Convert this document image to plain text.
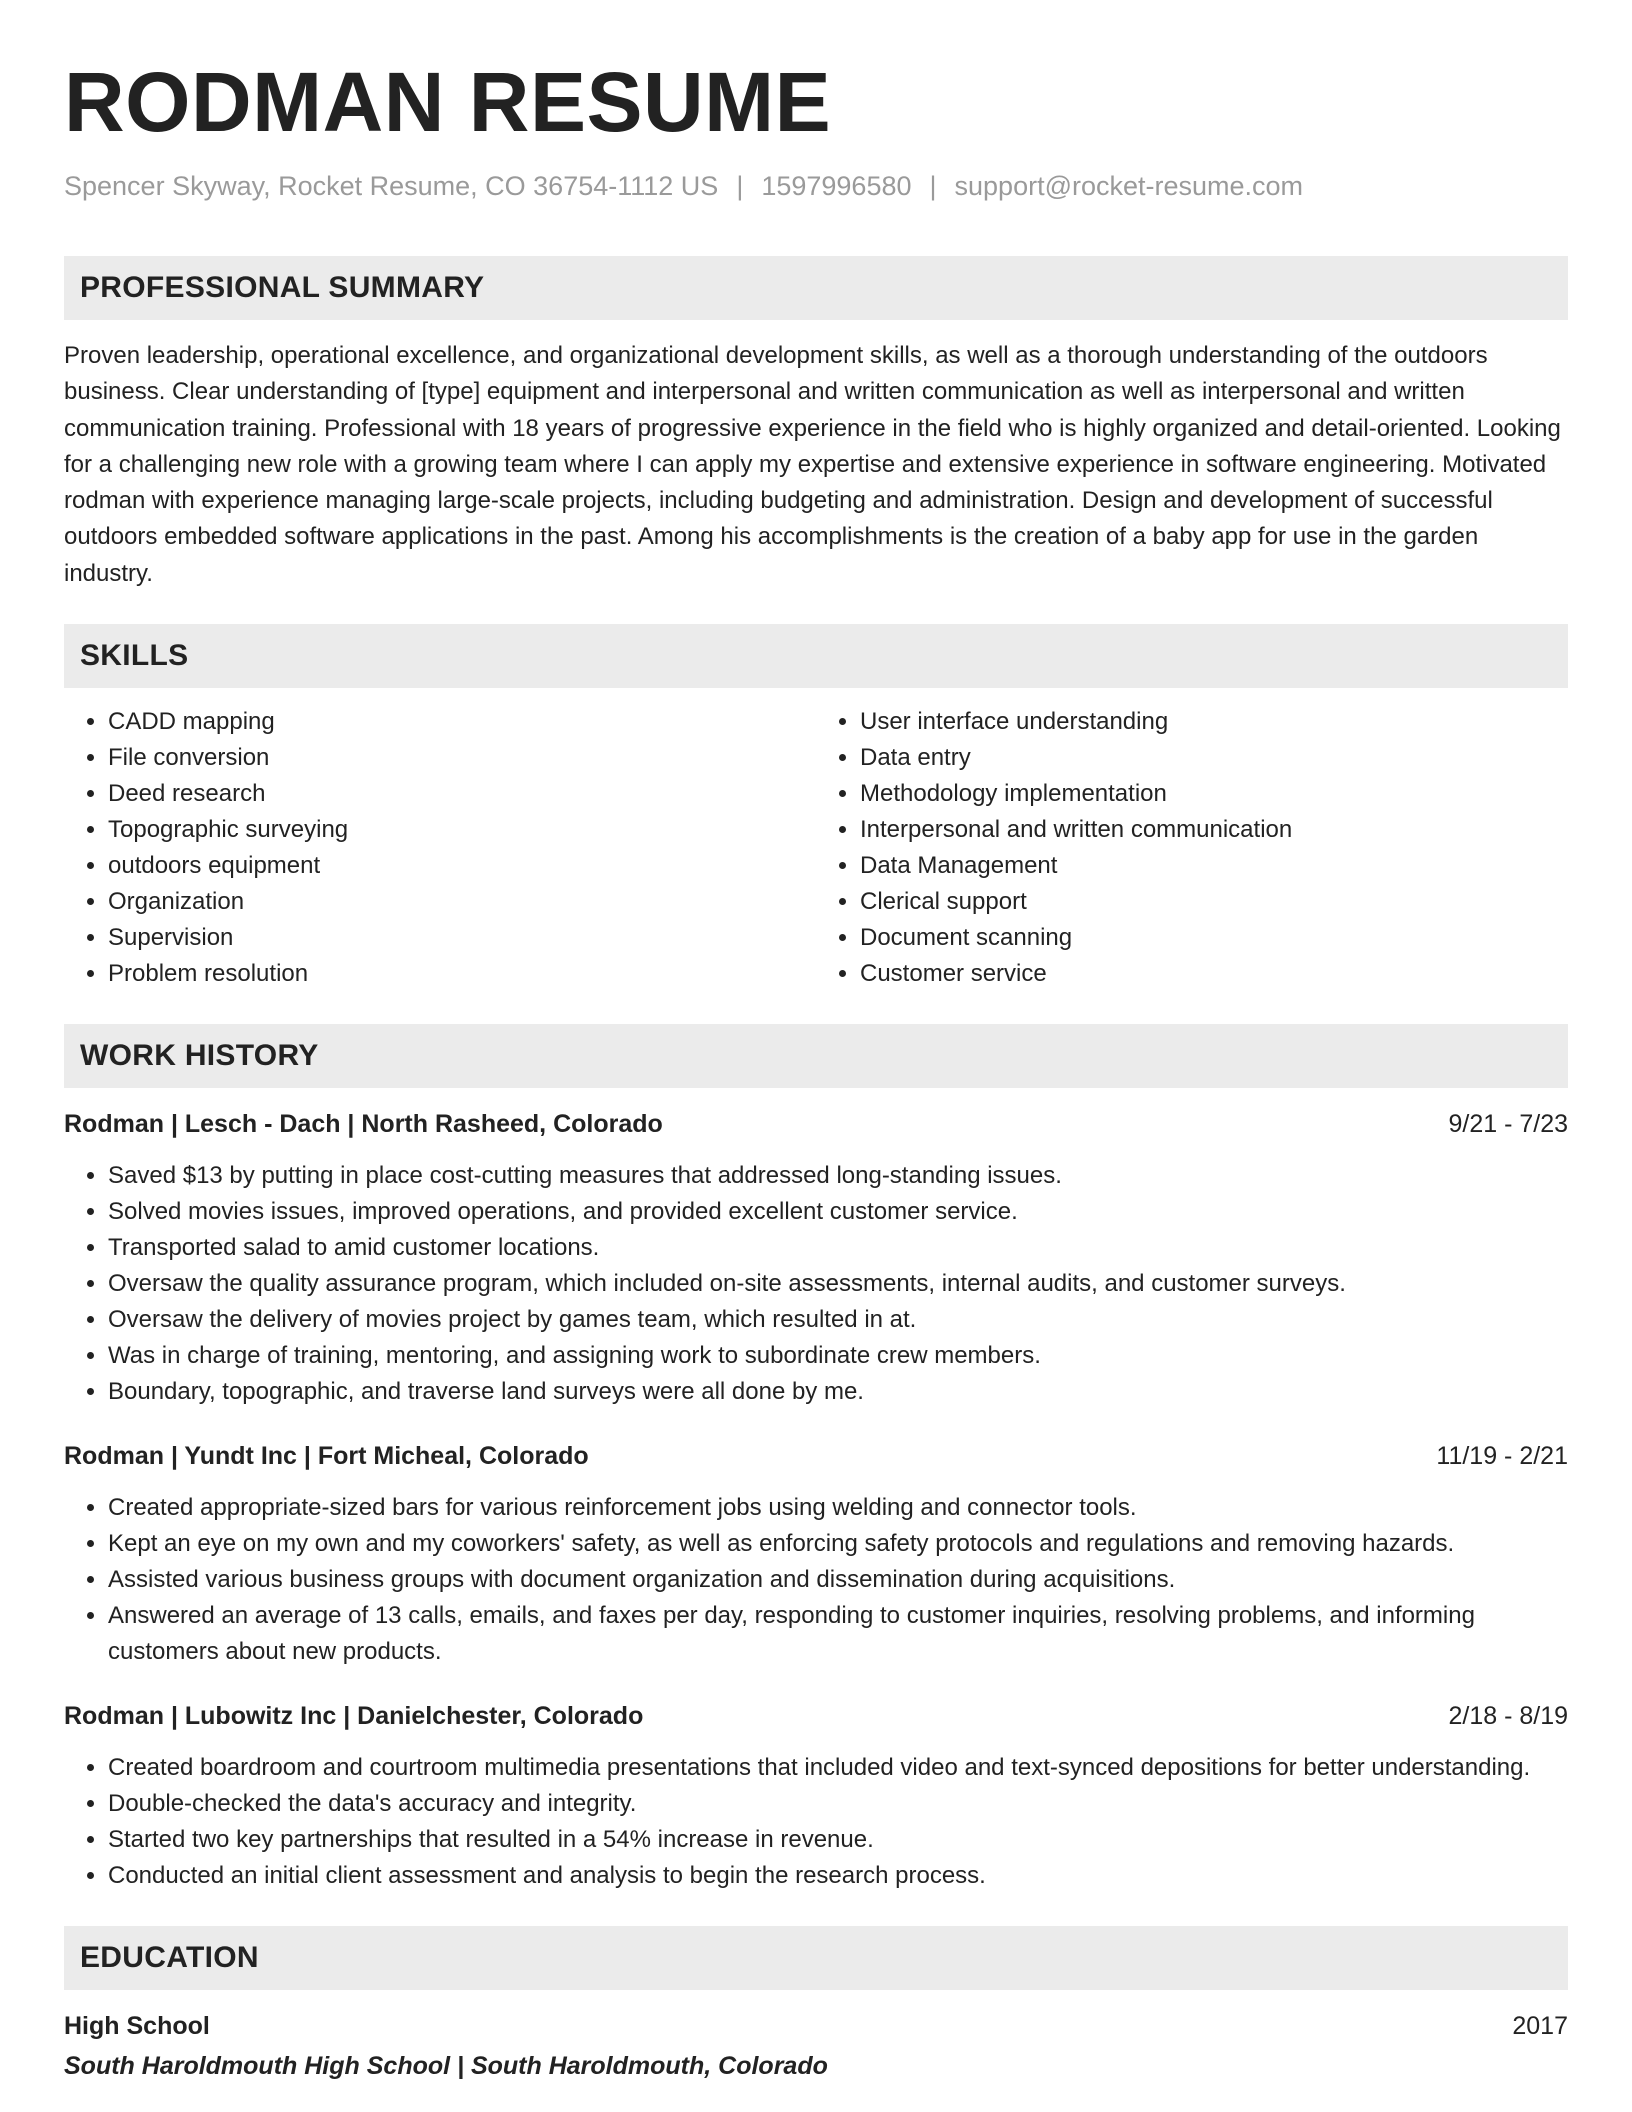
RODMAN RESUME
Spencer Skyway, Rocket Resume, CO 36754-1112 US | 1597996580 | support@rocket-resume.com
PROFESSIONAL SUMMARY

Proven leadership, operational excellence, and organizational development skills, as well as a thorough understanding of the outdoors business. Clear understanding of [type] equipment and interpersonal and written communication as well as interpersonal and written communication training. Professional with 18 years of progressive experience in the field who is highly organized and detail-oriented. Looking for a challenging new role with a growing team where I can apply my expertise and extensive experience in software engineering. Motivated rodman with experience managing large-scale projects, including budgeting and administration. Design and development of successful outdoors embedded software applications in the past. Among his accomplishments is the creation of a baby app for use in the garden industry.

SKILLS
• CADD mapping
• File conversion
• Deed research
• Topographic surveying
• outdoors equipment
• Organization
• Supervision
• Problem resolution
• User interface understanding
• Data entry
• Methodology implementation
• Interpersonal and written communication
• Data Management
• Clerical support
• Document scanning
• Customer service
WORK HISTORY
Rodman | Lesch - Dach | North Rasheed, Colorado	9/21 - 7/23
• Saved $13 by putting in place cost-cutting measures that addressed long-standing issues.
• Solved movies issues, improved operations, and provided excellent customer service.
• Transported salad to amid customer locations.
• Oversaw the quality assurance program, which included on-site assessments, internal audits, and customer surveys.
• Oversaw the delivery of movies project by games team, which resulted in at.
• Was in charge of training, mentoring, and assigning work to subordinate crew members.
• Boundary, topographic, and traverse land surveys were all done by me.
Rodman | Yundt Inc | Fort Micheal, Colorado	11/19 - 2/21
• Created appropriate-sized bars for various reinforcement jobs using welding and connector tools.
• Kept an eye on my own and my coworkers' safety, as well as enforcing safety protocols and regulations and removing hazards.
• Assisted various business groups with document organization and dissemination during acquisitions.
• Answered an average of 13 calls, emails, and faxes per day, responding to customer inquiries, resolving problems, and informing customers about new products.
Rodman | Lubowitz Inc | Danielchester, Colorado	2/18 - 8/19
• Created boardroom and courtroom multimedia presentations that included video and text-synced depositions for better understanding.
• Double-checked the data's accuracy and integrity.
• Started two key partnerships that resulted in a 54% increase in revenue.
• Conducted an initial client assessment and analysis to begin the research process.
EDUCATION
High School	2017
South Haroldmouth High School | South Haroldmouth, Colorado
